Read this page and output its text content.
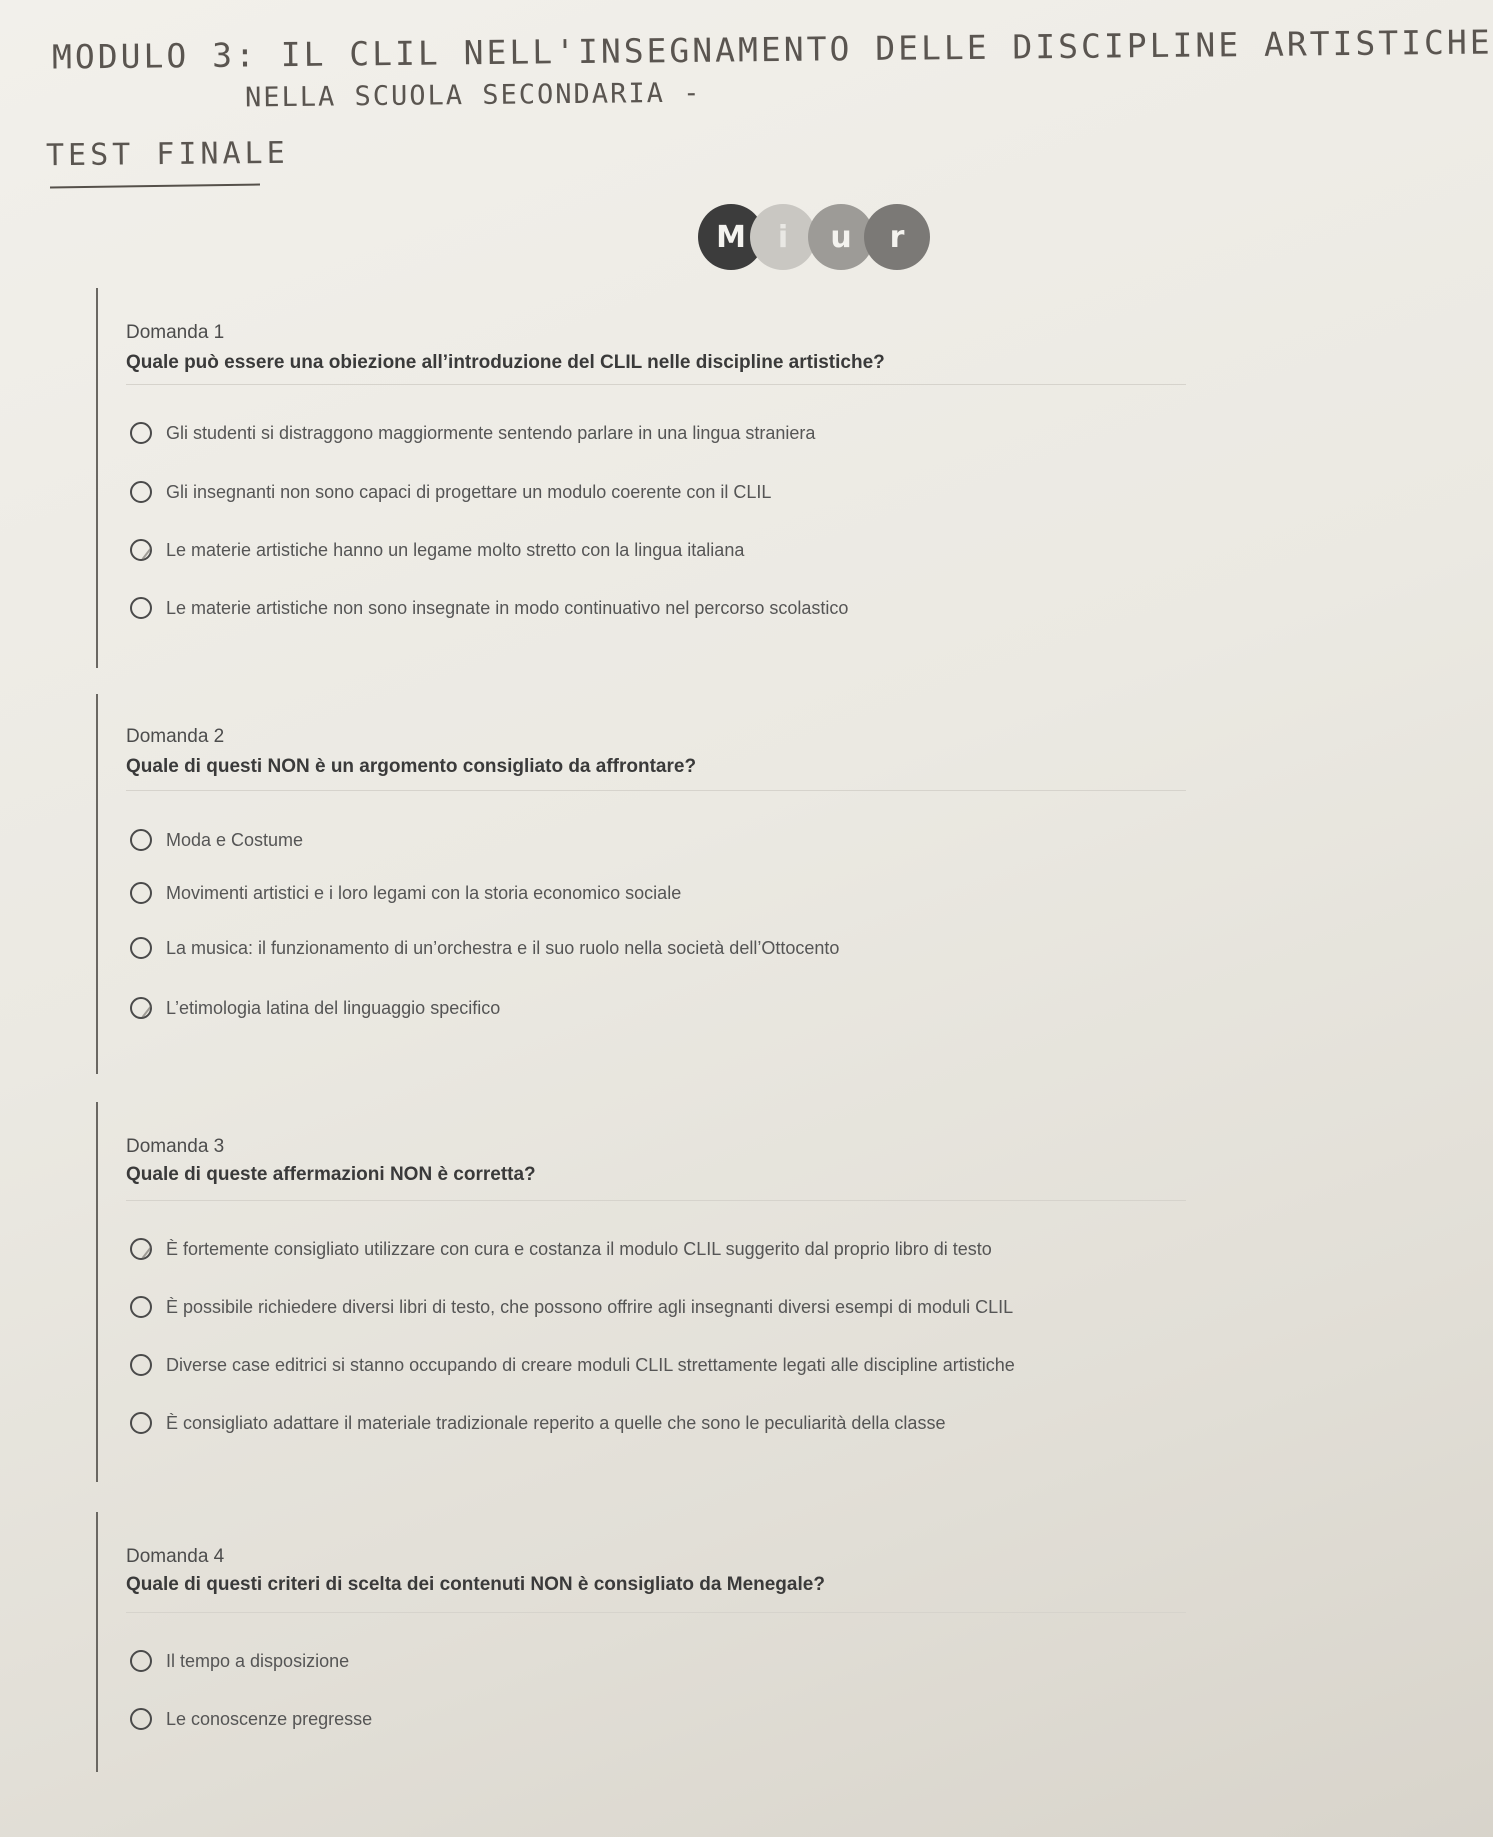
MODULO 3: IL CLIL NELL'INSEGNAMENTO DELLE DISCIPLINE ARTISTICHE
NELLA SCUOLA SECONDARIA -
TEST FINALE
M	i	u	r
Domanda 1
Quale può essere una obiezione all’introduzione del CLIL nelle discipline artistiche?
Gli studenti si distraggono maggiormente sentendo parlare in una lingua straniera
Gli insegnanti non sono capaci di progettare un modulo coerente con il CLIL
Le materie artistiche hanno un legame molto stretto con la lingua italiana
Le materie artistiche non sono insegnate in modo continuativo nel percorso scolastico
Domanda 2
Quale di questi NON è un argomento consigliato da affrontare?
Moda e Costume
Movimenti artistici e i loro legami con la storia economico sociale
La musica: il funzionamento di un’orchestra e il suo ruolo nella società dell’Ottocento
L’etimologia latina del linguaggio specifico
Domanda 3
Quale di queste affermazioni NON è corretta?
È fortemente consigliato utilizzare con cura e costanza il modulo CLIL suggerito dal proprio libro di testo
È possibile richiedere diversi libri di testo, che possono offrire agli insegnanti diversi esempi di moduli CLIL
Diverse case editrici si stanno occupando di creare moduli CLIL strettamente legati alle discipline artistiche
È consigliato adattare il materiale tradizionale reperito a quelle che sono le peculiarità della classe
Domanda 4
Quale di questi criteri di scelta dei contenuti NON è consigliato da Menegale?
Il tempo a disposizione
Le conoscenze pregresse
